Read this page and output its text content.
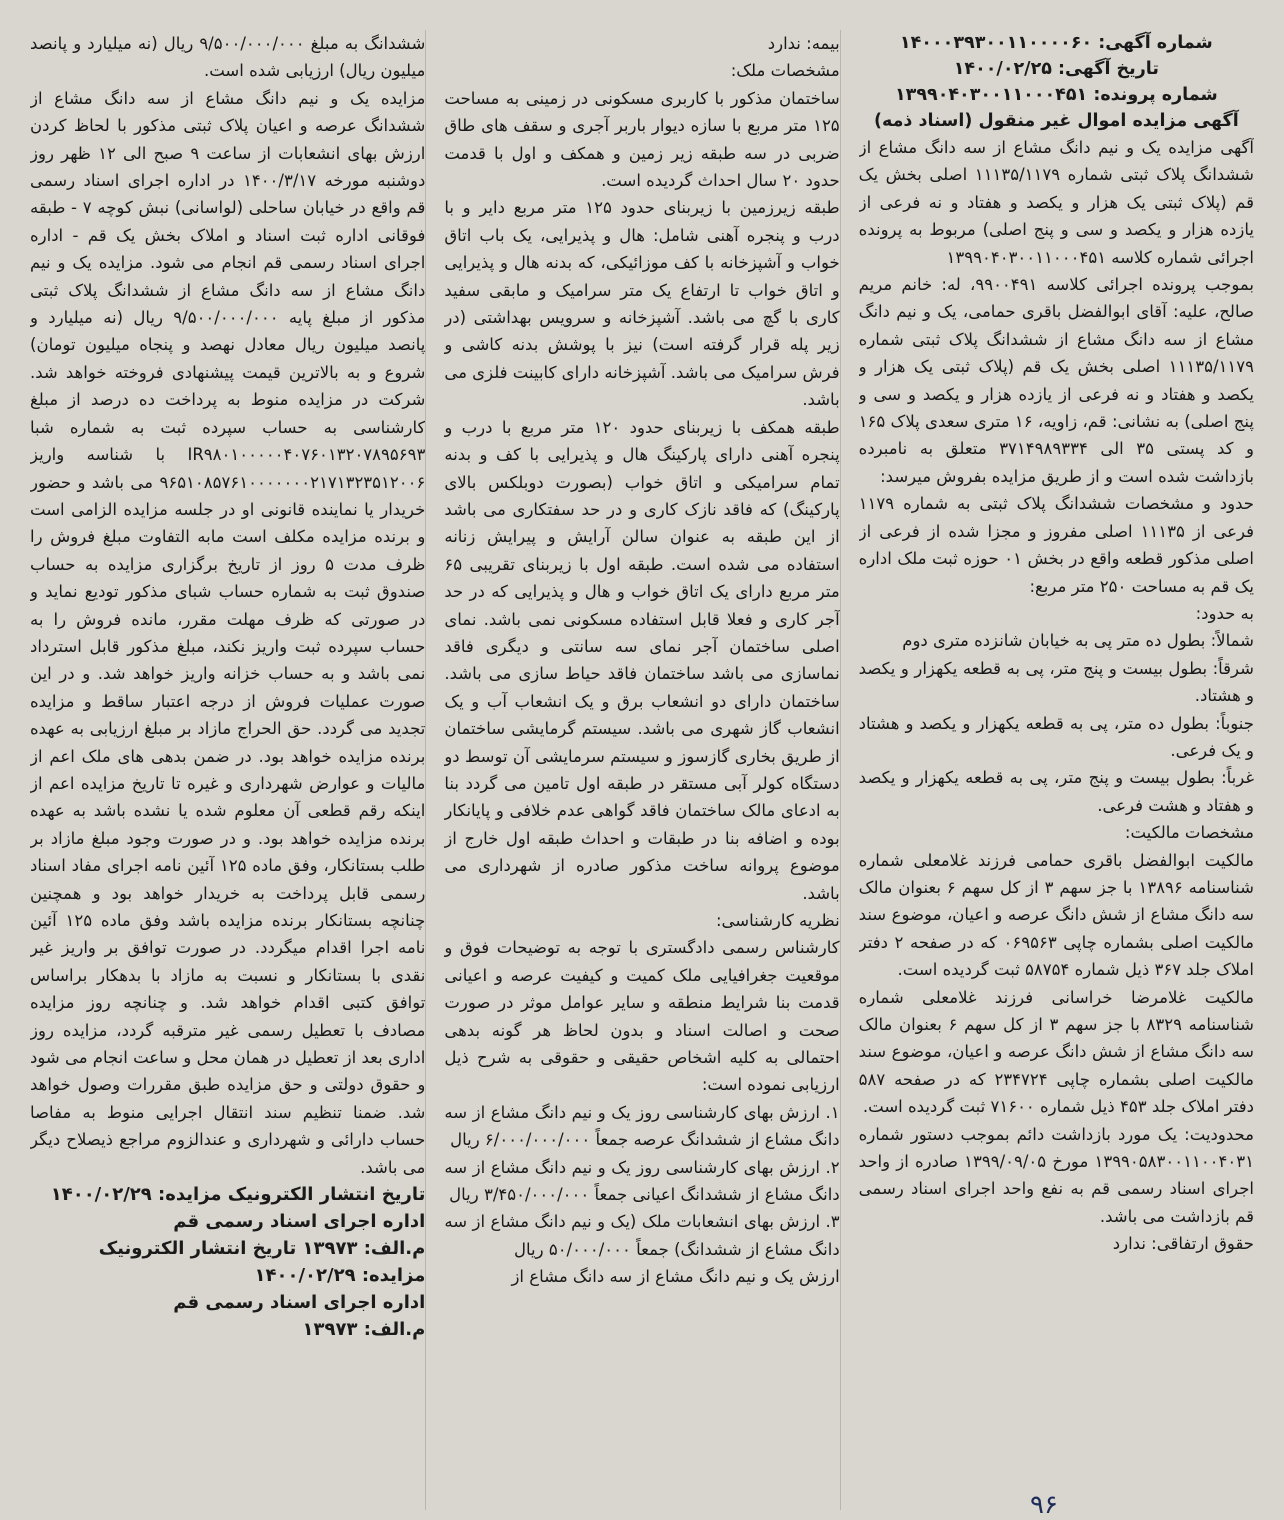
شماره آگهی: ۱۴۰۰۰۳۹۳۰۰۱۱۰۰۰۰۶۰

تاریخ آگهی: ۱۴۰۰/۰۲/۲۵

شماره پرونده: ۱۳۹۹۰۴۰۳۰۰۱۱۰۰۰۴۵۱

آگهی مزایده اموال غیر منقول (اسناد ذمه)

آگهی مزایده یک و نیم دانگ مشاع از سه دانگ مشاع از ششدانگ پلاک ثبتی شماره ۱۱۱۳۵/۱۱۷۹ اصلی بخش یک قم (پلاک ثبتی یک هزار و یکصد و هفتاد و نه فرعی از یازده هزار و یکصد و سی و پنج اصلی) مربوط به پرونده اجرائی شماره کلاسه ۱۳۹۹۰۴۰۳۰۰۱۱۰۰۰۴۵۱

بموجب پرونده اجرائی کلاسه ۹۹۰۰۴۹۱، له: خانم مریم صالح، علیه: آقای ابوالفضل باقری حمامی، یک و نیم دانگ مشاع از سه دانگ مشاع از ششدانگ پلاک ثبتی شماره ۱۱۱۳۵/۱۱۷۹ اصلی بخش یک قم (پلاک ثبتی یک هزار و یکصد و هفتاد و نه فرعی از یازده هزار و یکصد و سی و پنج اصلی) به نشانی: قم، زاویه، ۱۶ متری سعدی پلاک ۱۶۵ و کد پستی ۳۵ الی ۳۷۱۴۹۸۹۳۳۴ متعلق به نامبرده بازداشت شده است و از طریق مزایده بفروش میرسد:

حدود و مشخصات ششدانگ پلاک ثبتی به شماره ۱۱۷۹ فرعی از ۱۱۱۳۵ اصلی مفروز و مجزا شده از فرعی از اصلی مذکور قطعه واقع در بخش ۰۱ حوزه ثبت ملک اداره یک قم به مساحت ۲۵۰ متر مربع:

به حدود:

شمالاً: بطول ده متر پی به خیابان شانزده متری دوم

شرقاً: بطول بیست و پنج متر، پی به قطعه یکهزار و یکصد و هشتاد.

جنوباً: بطول ده متر، پی به قطعه یکهزار و یکصد و هشتاد و یک فرعی.

غرباً: بطول بیست و پنج متر، پی به قطعه یکهزار و یکصد و هفتاد و هشت فرعی.

مشخصات مالکیت:

مالکیت ابوالفضل باقری حمامی فرزند غلامعلی شماره شناسنامه ۱۳۸۹۶ با جز سهم ۳ از کل سهم ۶ بعنوان مالک سه دانگ مشاع از شش دانگ عرصه و اعیان، موضوع سند مالکیت اصلی بشماره چاپی ۰۶۹۵۶۳ که در صفحه ۲ دفتر املاک جلد ۳۶۷ ذیل شماره ۵۸۷۵۴ ثبت گردیده است.

مالکیت غلامرضا خراسانی فرزند غلامعلی شماره شناسنامه ۸۳۲۹ با جز سهم ۳ از کل سهم ۶ بعنوان مالک سه دانگ مشاع از شش دانگ عرصه و اعیان، موضوع سند مالکیت اصلی بشماره چاپی ۲۳۴۷۲۴ که در صفحه ۵۸۷ دفتر املاک جلد ۴۵۳ ذیل شماره ۷۱۶۰۰ ثبت گردیده است.

محدودیت: یک مورد بازداشت دائم بموجب دستور شماره ۱۳۹۹۰۵۸۳۰۰۱۱۰۰۴۰۳۱ مورخ ۱۳۹۹/۰۹/۰۵ صادره از واحد اجرای اسناد رسمی قم به نفع واحد اجرای اسناد رسمی قم بازداشت می باشد.

حقوق ارتفاقی: ندارد

بیمه: ندارد

مشخصات ملک:

ساختمان مذکور با کاربری مسکونی در زمینی به مساحت ۱۲۵ متر مربع با سازه دیوار باربر آجری و سقف های طاق ضربی در سه طبقه زیر زمین و همکف و اول با قدمت حدود ۲۰ سال احداث گردیده است.

طبقه زیرزمین با زیربنای حدود ۱۲۵ متر مربع دایر و با درب و پنجره آهنی شامل: هال و پذیرایی، یک باب اتاق خواب و آشپزخانه با کف موزائیکی، که بدنه هال و پذیرایی و اتاق خواب تا ارتفاع یک متر سرامیک و مابقی سفید کاری با گچ می باشد. آشپزخانه و سرویس بهداشتی (در زیر پله قرار گرفته است) نیز با پوشش بدنه کاشی و فرش سرامیک می باشد. آشپزخانه دارای کابینت فلزی می باشد.

طبقه همکف با زیربنای حدود ۱۲۰ متر مربع با درب و پنجره آهنی دارای پارکینگ هال و پذیرایی با کف و بدنه تمام سرامیکی و اتاق خواب (بصورت دوبلکس بالای پارکینگ) که فاقد نازک کاری و در حد سفتکاری می باشد از این طبقه به عنوان سالن آرایش و پیرایش زنانه استفاده می شده است. طبقه اول با زیربنای تقریبی ۶۵ متر مربع دارای یک اتاق خواب و هال و پذیرایی که در حد آجر کاری و فعلا قابل استفاده مسکونی نمی باشد. نمای اصلی ساختمان آجر نمای سه سانتی و دیگری فاقد نماسازی می باشد ساختمان فاقد حیاط سازی می باشد. ساختمان دارای دو انشعاب برق و یک انشعاب آب و یک انشعاب گاز شهری می باشد. سیستم گرمایشی ساختمان از طریق بخاری گازسوز و سیستم سرمایشی آن توسط دو دستگاه کولر آبی مستقر در طبقه اول تامین می گردد بنا به ادعای مالک ساختمان فاقد گواهی عدم خلافی و پایانکار بوده و اضافه بنا در طبقات و احداث طبقه اول خارج از موضوع پروانه ساخت مذکور صادره از شهرداری می باشد.

نظریه کارشناسی:

کارشناس رسمی دادگستری با توجه به توضیحات فوق و موقعیت جغرافیایی ملک کمیت و کیفیت عرصه و اعیانی قدمت بنا شرایط منطقه و سایر عوامل موثر در صورت صحت و اصالت اسناد و بدون لحاظ هر گونه بدهی احتمالی به کلیه اشخاص حقیقی و حقوقی به شرح ذیل ارزیابی نموده است:

۱. ارزش بهای کارشناسی روز یک و نیم دانگ مشاع از سه دانگ مشاع از ششدانگ عرصه جمعاً ۶/۰۰۰/۰۰۰/۰۰۰ ریال

۲. ارزش بهای کارشناسی روز یک و نیم دانگ مشاع از سه دانگ مشاع از ششدانگ اعیانی جمعاً ۳/۴۵۰/۰۰۰/۰۰۰ ریال

۳. ارزش بهای انشعابات ملک (یک و نیم دانگ مشاع از سه دانگ مشاع از ششدانگ) جمعاً ۵۰/۰۰۰/۰۰۰ ریال

ارزش یک و نیم دانگ مشاع از سه دانگ مشاع از

ششدانگ به مبلغ ۹/۵۰۰/۰۰۰/۰۰۰ ریال (نه میلیارد و پانصد میلیون ریال) ارزیابی شده است.

مزایده یک و نیم دانگ مشاع از سه دانگ مشاع از ششدانگ عرصه و اعیان پلاک ثبتی مذکور با لحاظ کردن ارزش بهای انشعابات از ساعت ۹ صبح الی ۱۲ ظهر روز دوشنبه مورخه ۱۴۰۰/۳/۱۷ در اداره اجرای اسناد رسمی قم واقع در خیابان ساحلی (لواسانی) نبش کوچه ۷ - طبقه فوقانی اداره ثبت اسناد و املاک بخش یک قم - اداره اجرای اسناد رسمی قم انجام می شود. مزایده یک و نیم دانگ مشاع از سه دانگ مشاع از ششدانگ پلاک ثبتی مذکور از مبلغ پایه ۹/۵۰۰/۰۰۰/۰۰۰ ریال (نه میلیارد و پانصد میلیون ریال معادل نهصد و پنجاه میلیون تومان) شروع و به بالاترین قیمت پیشنهادی فروخته خواهد شد. شرکت در مزایده منوط به پرداخت ده درصد از مبلغ کارشناسی به حساب سپرده ثبت به شماره شبا IR۹۸۰۱۰۰۰۰۰۴۰۷۶۰۱۳۲۰۷۸۹۵۶۹۳ با شناسه واریز ۹۶۵۱۰۸۵۷۶۱۰۰۰۰۰۰۰۲۱۷۱۳۲۳۵۱۲۰۰۶ می باشد و حضور خریدار یا نماینده قانونی او در جلسه مزایده الزامی است و برنده مزایده مکلف است مابه التفاوت مبلغ فروش را ظرف مدت ۵ روز از تاریخ برگزاری مزایده به حساب صندوق ثبت به شماره حساب شبای مذکور تودیع نماید و در صورتی که ظرف مهلت مقرر، مانده فروش را به حساب سپرده ثبت واریز نکند، مبلغ مذکور قابل استرداد نمی باشد و به حساب خزانه واریز خواهد شد. و در این صورت عملیات فروش از درجه اعتبار ساقط و مزایده تجدید می گردد. حق الحراج مازاد بر مبلغ ارزیابی به عهده برنده مزایده خواهد بود. در ضمن بدهی های ملک اعم از مالیات و عوارض شهرداری و غیره تا تاریخ مزایده اعم از اینکه رقم قطعی آن معلوم شده یا نشده باشد به عهده برنده مزایده خواهد بود. و در صورت وجود مبلغ مازاد بر طلب بستانکار، وفق ماده ۱۲۵ آئین نامه اجرای مفاد اسناد رسمی قابل پرداخت به خریدار خواهد بود و همچنین چنانچه بستانکار برنده مزایده باشد وفق ماده ۱۲۵ آئین نامه اجرا اقدام میگردد. در صورت توافق بر واریز غیر نقدی با بستانکار و نسبت به مازاد با بدهکار براساس توافق کتبی اقدام خواهد شد. و چنانچه روز مزایده مصادف با تعطیل رسمی غیر مترقبه گردد، مزایده روز اداری بعد از تعطیل در همان محل و ساعت انجام می شود و حقوق دولتی و حق مزایده طبق مقررات وصول خواهد شد. ضمنا تنظیم سند انتقال اجرایی منوط به مفاصا حساب دارائی و شهرداری و عندالزوم مراجع ذیصلاح دیگر می باشد.

تاریخ انتشار الکترونیک مزایده: ۱۴۰۰/۰۲/۲۹

اداره اجرای اسناد رسمی قم

م.الف: ۱۳۹۷۳ تاریخ انتشار الکترونیک

مزایده: ۱۴۰۰/۰۲/۲۹

اداره اجرای اسناد رسمی قم

م.الف: ۱۳۹۷۳

۹۶
